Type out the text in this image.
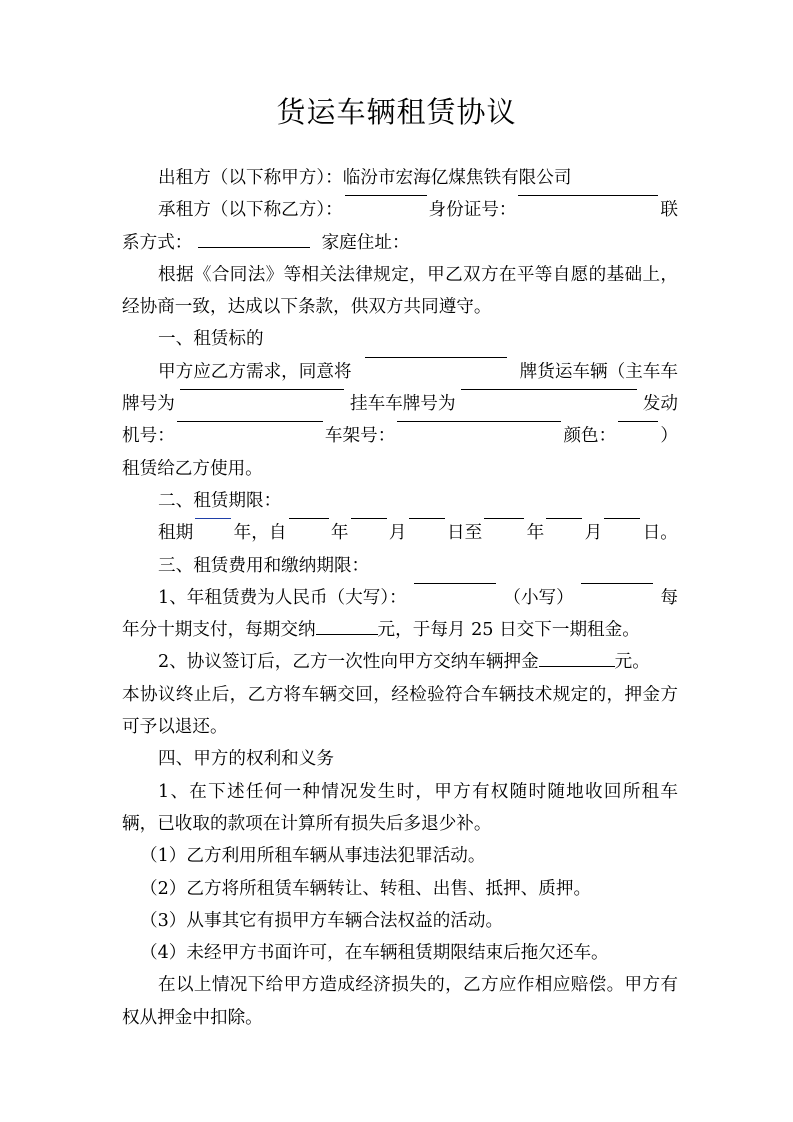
货运车辆租赁协议

出租方（以下称甲方）：临汾市宏海亿煤焦铁有限公司

承租方（以下称乙方）：	身份证号：	联
系方式：	家庭住址：

根据《合同法》等相关法律规定，甲乙双方在平等自愿的基础上，经协商一致，达成以下条款，供双方共同遵守。

一、租赁标的

甲方应乙方需求，同意将	牌货运车辆（主车车
牌号为	挂车车牌号为	发动
机号：	车架号：	颜色：	）

租赁给乙方使用。

二、租赁期限：

租期 年，自	年 月 日至	年 月 日。

三、租赁费用和缴纳期限：

1、年租赁费为人民币（大写）：	（小写）	每
年分十期支付，每期交纳	元，于每月 25 日交下一期租金。
2、协议签订后，乙方一次性向甲方交纳车辆押金	元。

本协议终止后，乙方将车辆交回，经检验符合车辆技术规定的，押金方可予以退还。

四、甲方的权利和义务

1、在下述任何一种情况发生时，甲方有权随时随地收回所租车辆，已收取的款项在计算所有损失后多退少补。

（1）乙方利用所租车辆从事违法犯罪活动。

（2）乙方将所租赁车辆转让、转租、出售、抵押、质押。

（3）从事其它有损甲方车辆合法权益的活动。

（4）未经甲方书面许可，在车辆租赁期限结束后拖欠还车。

在以上情况下给甲方造成经济损失的，乙方应作相应赔偿。甲方有权从押金中扣除。
